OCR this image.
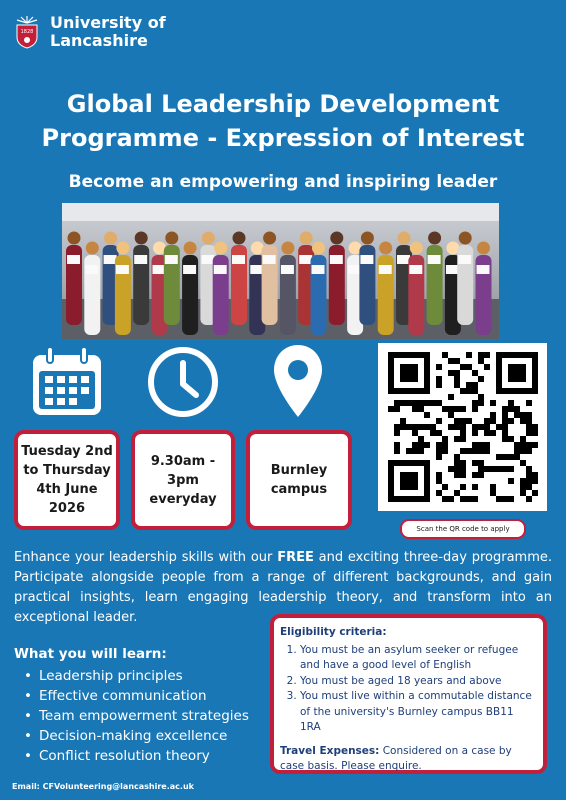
1828 University of
Lancashire
Global Leadership Development
Programme - Expression of Interest
Become an empowering and inspiring leader
Tuesday 2nd
to Thursday
4th June
2026
9.30am - 3pm
everyday
Burnley
campus
Scan the QR code to apply
Enhance your leadership skills with our FREE and exciting three-day programme. Participate alongside people from a range of different backgrounds, and gain practical insights, learn engaging leadership theory, and transform into an exceptional leader.
What you will learn:
• Leadership principles
• Effective communication
• Team empowerment strategies
• Decision-making excellence
• Conflict resolution theory
Eligibility criteria:
1. You must be an asylum seeker or refugee and have a good level of English
2. You must be aged 18 years and above
3. You must live within a commutable distance of the university's Burnley campus BB11 1RA
Travel Expenses: Considered on a case by case basis. Please enquire.
Email: CFVolunteering@lancashire.ac.uk
